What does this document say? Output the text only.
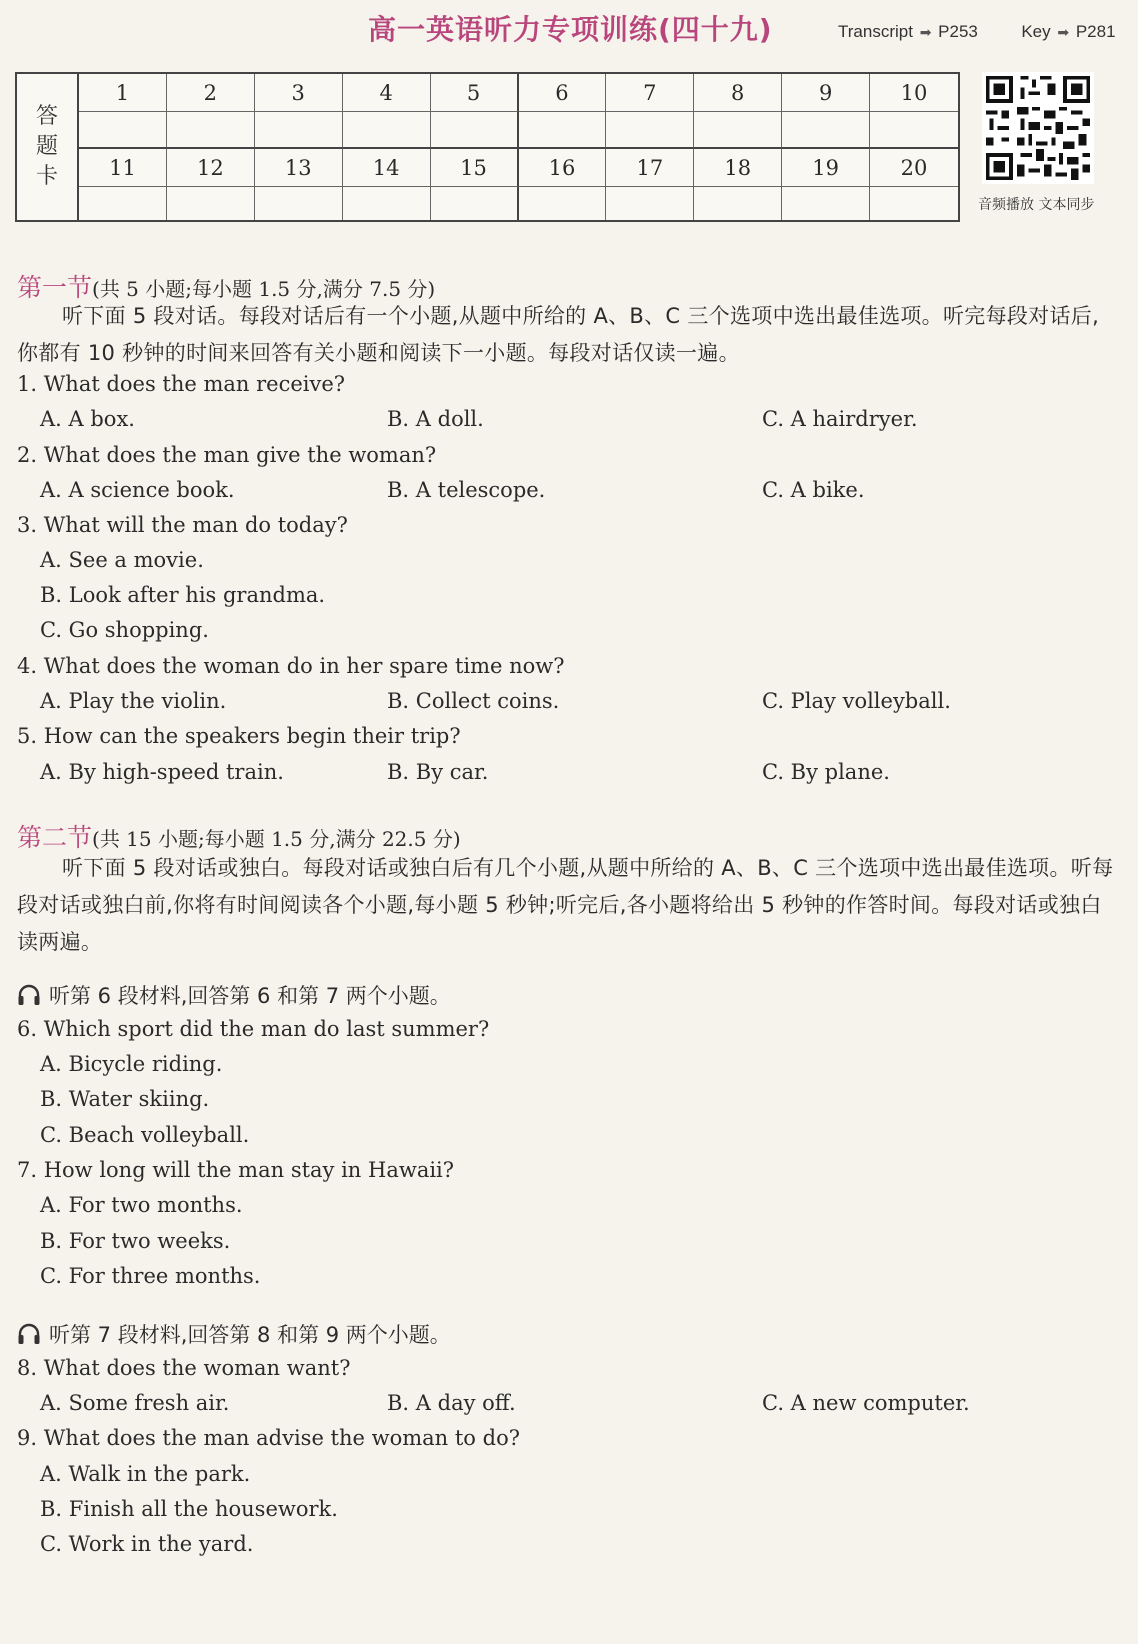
高一英语听力专项训练(四十九)	Transcript ➡ P253	Key ➡ P281
答
题
卡
1	2	3	4	5	6	7	8	9	10
11	12	13	14	15	16	17	18	19	20
音频播放 文本同步
第一节(共 5 小题;每小题 1.5 分,满分 7.5 分)
听下面 5 段对话。每段对话后有一个小题,从题中所给的 A、B、C 三个选项中选出最佳选项。听完每段对话后,你都有 10 秒钟的时间来回答有关小题和阅读下一小题。每段对话仅读一遍。
1. What does the man receive?
A. A box.	B. A doll.	C. A hairdryer.
2. What does the man give the woman?
A. A science book.	B. A telescope.	C. A bike.
3. What will the man do today?
A. See a movie.
B. Look after his grandma.
C. Go shopping.
4. What does the woman do in her spare time now?
A. Play the violin.	B. Collect coins.	C. Play volleyball.
5. How can the speakers begin their trip?
A. By high-speed train.	B. By car.	C. By plane.
第二节(共 15 小题;每小题 1.5 分,满分 22.5 分)
听下面 5 段对话或独白。每段对话或独白后有几个小题,从题中所给的 A、B、C 三个选项中选出最佳选项。听每段对话或独白前,你将有时间阅读各个小题,每小题 5 秒钟;听完后,各小题将给出 5 秒钟的作答时间。每段对话或独白读两遍。
听第 6 段材料,回答第 6 和第 7 两个小题。
6. Which sport did the man do last summer?
A. Bicycle riding.
B. Water skiing.
C. Beach volleyball.
7. How long will the man stay in Hawaii?
A. For two months.
B. For two weeks.
C. For three months.
听第 7 段材料,回答第 8 和第 9 两个小题。
8. What does the woman want?
A. Some fresh air.	B. A day off.	C. A new computer.
9. What does the man advise the woman to do?
A. Walk in the park.
B. Finish all the housework.
C. Work in the yard.
